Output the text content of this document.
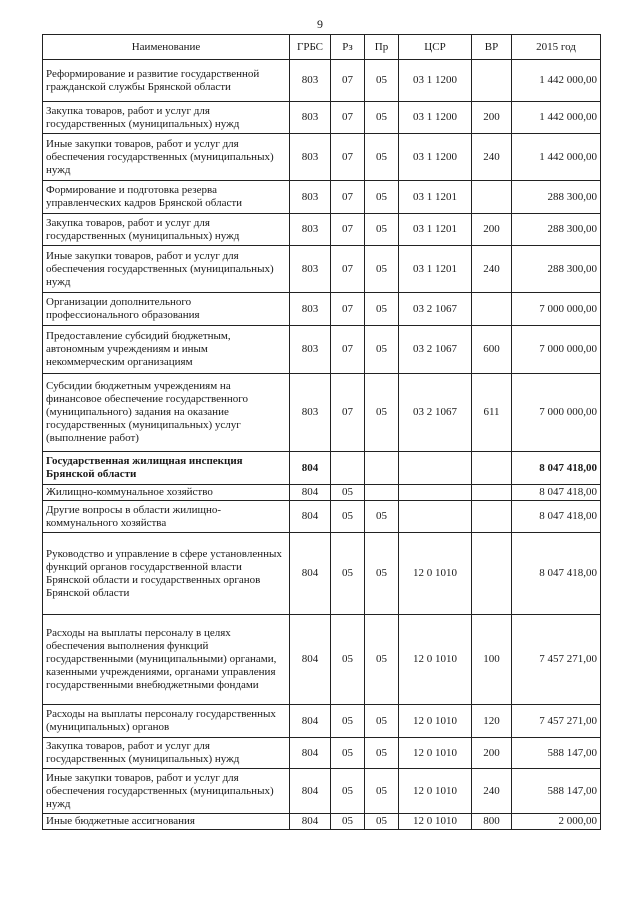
9
Наименование	ГРБС	Рз	Пр	ЦСР	ВР	2015 год
Реформирование и развитие государственной гражданской службы Брянской области	803	07	05	03 1 1200		1 442 000,00
Закупка товаров, работ и услуг для государственных (муниципальных) нужд	803	07	05	03 1 1200	200	1 442 000,00
Иные закупки товаров, работ и услуг для обеспечения государственных (муниципальных) нужд	803	07	05	03 1 1200	240	1 442 000,00
Формирование и подготовка резерва управленческих кадров Брянской области	803	07	05	03 1 1201		288 300,00
Закупка товаров, работ и услуг для государственных (муниципальных) нужд	803	07	05	03 1 1201	200	288 300,00
Иные закупки товаров, работ и услуг для обеспечения государственных (муниципальных) нужд	803	07	05	03 1 1201	240	288 300,00
Организации дополнительного профессионального образования	803	07	05	03 2 1067		7 000 000,00
Предоставление субсидий бюджетным, автономным учреждениям и иным некоммерческим организациям	803	07	05	03 2 1067	600	7 000 000,00
Субсидии бюджетным учреждениям на финансовое обеспечение государственного (муниципального) задания на оказание государственных (муниципальных) услуг (выполнение работ)	803	07	05	03 2 1067	611	7 000 000,00
Государственная жилищная инспекция Брянской области	804					8 047 418,00
Жилищно-коммунальное хозяйство	804	05				8 047 418,00
Другие вопросы в области жилищно-коммунального хозяйства	804	05	05			8 047 418,00
Руководство и управление в сфере установленных функций органов государственной власти Брянской области и государственных органов Брянской области	804	05	05	12 0 1010		8 047 418,00
Расходы на выплаты персоналу в целях обеспечения выполнения функций государственными (муниципальными) органами, казенными учреждениями, органами управления государственными внебюджетными фондами	804	05	05	12 0 1010	100	7 457 271,00
Расходы на выплаты персоналу государственных (муниципальных) органов	804	05	05	12 0 1010	120	7 457 271,00
Закупка товаров, работ и услуг для государственных (муниципальных) нужд	804	05	05	12 0 1010	200	588 147,00
Иные закупки товаров, работ и услуг для обеспечения государственных (муниципальных) нужд	804	05	05	12 0 1010	240	588 147,00
Иные бюджетные ассигнования	804	05	05	12 0 1010	800	2 000,00
